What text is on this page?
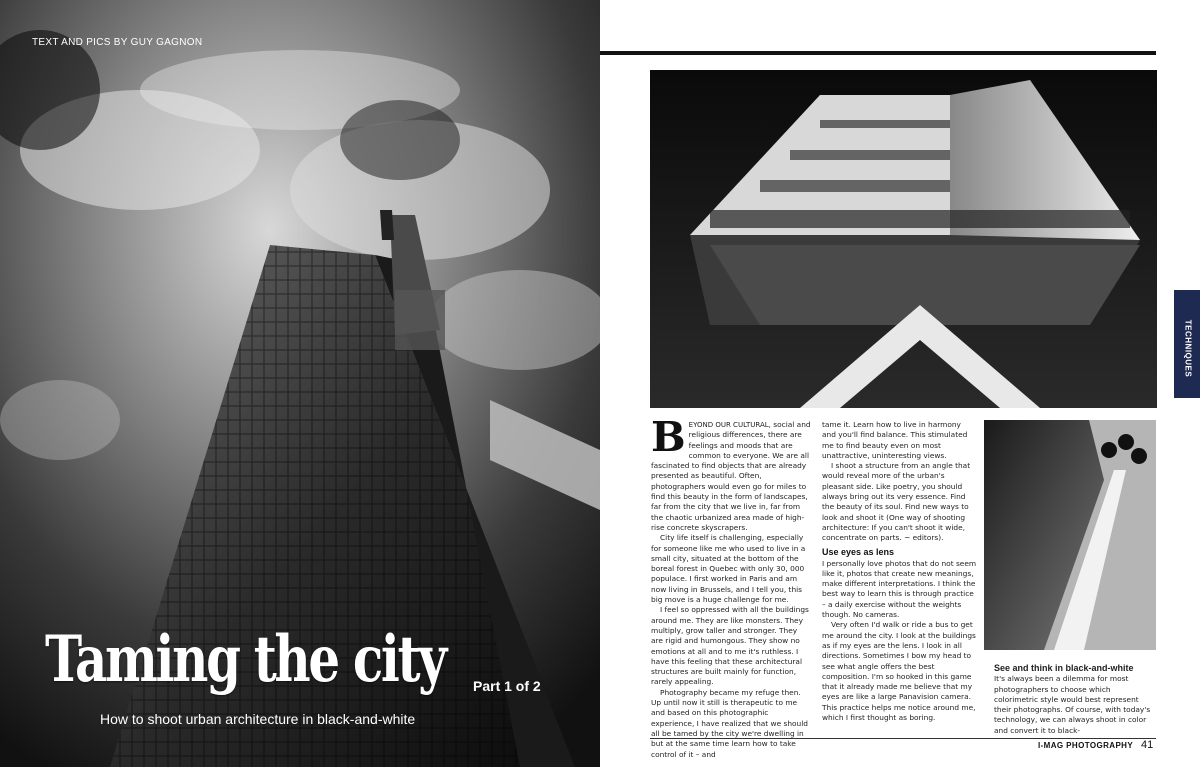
TEXT AND PICS BY GUY GAGNON
Taming the city Part 1 of 2
How to shoot urban architecture in black-and-white
TECHNIQUES

BEYOND OUR CULTURAL, social and religious differences, there are feelings and moods that are common to everyone. We are all fascinated to find objects that are already presented as beautiful. Often, photographers would even go for miles to find this beauty in the form of landscapes, far from the city that we live in, far from the chaotic urbanized area made of high-rise concrete skyscrapers.

City life itself is challenging, especially for someone like me who used to live in a small city, situated at the bottom of the boreal forest in Quebec with only 30, 000 populace. I first worked in Paris and am now living in Brussels, and I tell you, this big move is a huge challenge for me.

I feel so oppressed with all the buildings around me. They are like monsters. They multiply, grow taller and stronger. They are rigid and humongous. They show no emotions at all and to me it's ruthless. I have this feeling that these architectural structures are built mainly for function, rarely appealing.

Photography became my refuge then. Up until now it still is therapeutic to me and based on this photographic experience, I have realized that we should all be tamed by the city we're dwelling in but at the same time learn how to take control of it – and

tame it. Learn how to live in harmony and you'll find balance. This stimulated me to find beauty even on most unattractive, uninteresting views.

I shoot a structure from an angle that would reveal more of the urban's pleasant side. Like poetry, you should always bring out its very essence. Find the beauty of its soul. Find new ways to look and shoot it (One way of shooting architecture: If you can't shoot it wide, concentrate on parts. ~ editors).

Use eyes as lens

I personally love photos that do not seem like it, photos that create new meanings, make different interpretations. I think the best way to learn this is through practice – a daily exercise without the weights though. No cameras.

Very often I'd walk or ride a bus to get me around the city. I look at the buildings as if my eyes are the lens. I look in all directions. Sometimes I bow my head to see what angle offers the best composition. I'm so hooked in this game that it already made me believe that my eyes are like a large Panavision camera. This practice helps me notice around me, which I first thought as boring.

See and think in black-and-white

It's always been a dilemma for most photographers to choose which colorimetric style would best represent their photographs. Of course, with today's technology, we can always shoot in color and convert it to black-

I-MAG PHOTOGRAPHY 41
